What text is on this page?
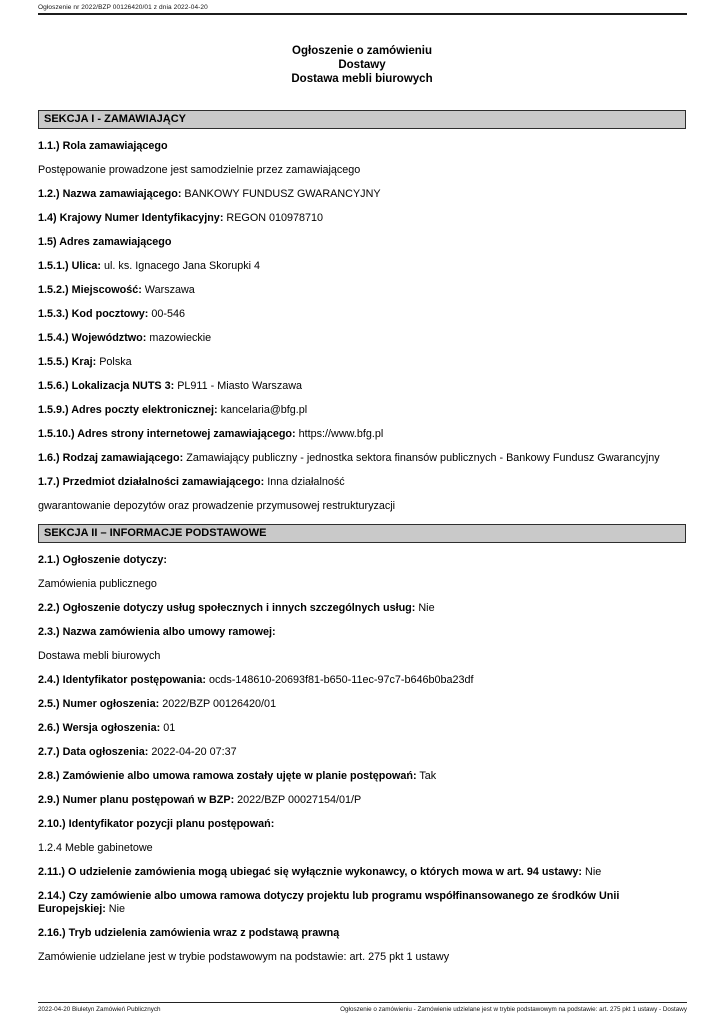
Ogłoszenie nr 2022/BZP 00126420/01 z dnia 2022-04-20
Ogłoszenie o zamówieniu
Dostawy
Dostawa mebli biurowych
SEKCJA I - ZAMAWIAJĄCY

1.1.) Rola zamawiającego

Postępowanie prowadzone jest samodzielnie przez zamawiającego

1.2.) Nazwa zamawiającego: BANKOWY FUNDUSZ GWARANCYJNY

1.4) Krajowy Numer Identyfikacyjny: REGON 010978710

1.5) Adres zamawiającego

1.5.1.) Ulica: ul. ks. Ignacego Jana Skorupki 4

1.5.2.) Miejscowość: Warszawa

1.5.3.) Kod pocztowy: 00-546

1.5.4.) Województwo: mazowieckie

1.5.5.) Kraj: Polska

1.5.6.) Lokalizacja NUTS 3: PL911 - Miasto Warszawa

1.5.9.) Adres poczty elektronicznej: kancelaria@bfg.pl

1.5.10.) Adres strony internetowej zamawiającego: https://www.bfg.pl

1.6.) Rodzaj zamawiającego: Zamawiający publiczny - jednostka sektora finansów publicznych - Bankowy Fundusz Gwarancyjny

1.7.) Przedmiot działalności zamawiającego: Inna działalność

gwarantowanie depozytów oraz prowadzenie przymusowej restrukturyzacji

SEKCJA II – INFORMACJE PODSTAWOWE

2.1.) Ogłoszenie dotyczy:

Zamówienia publicznego

2.2.) Ogłoszenie dotyczy usług społecznych i innych szczególnych usług: Nie

2.3.) Nazwa zamówienia albo umowy ramowej:

Dostawa mebli biurowych

2.4.) Identyfikator postępowania: ocds-148610-20693f81-b650-11ec-97c7-b646b0ba23df

2.5.) Numer ogłoszenia: 2022/BZP 00126420/01

2.6.) Wersja ogłoszenia: 01

2.7.) Data ogłoszenia: 2022-04-20 07:37

2.8.) Zamówienie albo umowa ramowa zostały ujęte w planie postępowań: Tak

2.9.) Numer planu postępowań w BZP: 2022/BZP 00027154/01/P

2.10.) Identyfikator pozycji planu postępowań:

1.2.4 Meble gabinetowe

2.11.) O udzielenie zamówienia mogą ubiegać się wyłącznie wykonawcy, o których mowa w art. 94 ustawy: Nie

2.14.) Czy zamówienie albo umowa ramowa dotyczy projektu lub programu współfinansowanego ze środków Unii Europejskiej: Nie

2.16.) Tryb udzielenia zamówienia wraz z podstawą prawną

Zamówienie udzielane jest w trybie podstawowym na podstawie: art. 275 pkt 1 ustawy

2022-04-20 Biuletyn Zamówień Publicznych	Ogłoszenie o zamówieniu - Zamówienie udzielane jest w trybie podstawowym na podstawie: art. 275 pkt 1 ustawy - Dostawy
